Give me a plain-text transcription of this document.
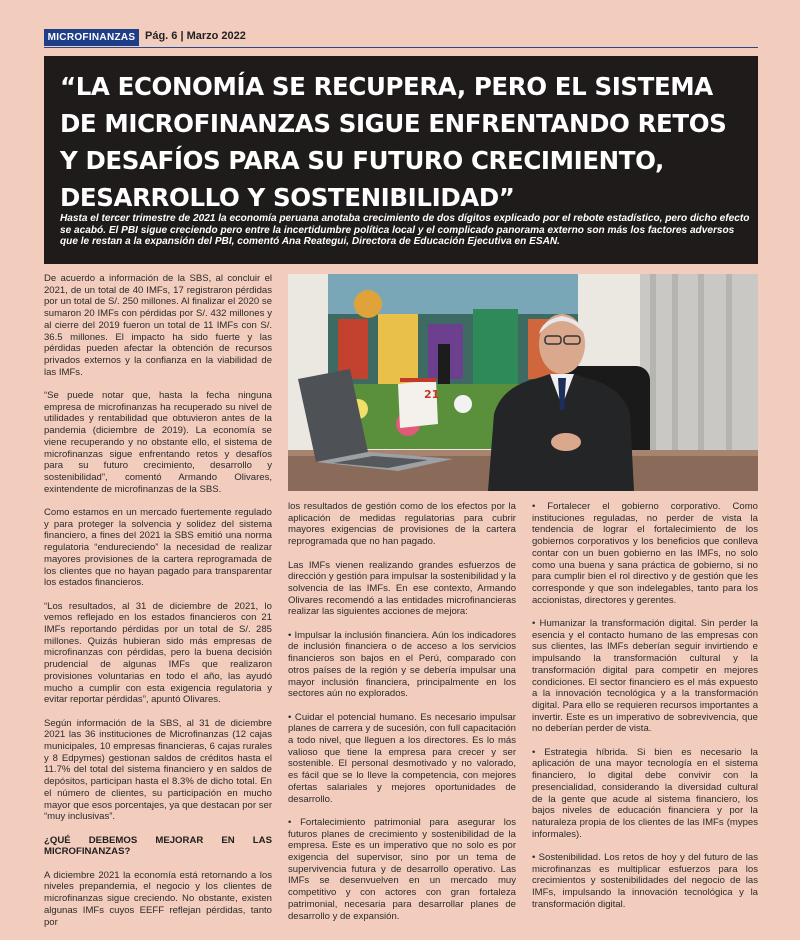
MICROFINANZAS Pág. 6 | Marzo 2022
“LA ECONOMÍA SE RECUPERA, PERO EL SISTEMA DE MICROFINANZAS SIGUE ENFRENTANDO RETOS Y DESAFÍOS PARA SU FUTURO CRECIMIENTO, DESARROLLO Y SOSTENIBILIDAD”

Hasta el tercer trimestre de 2021 la economía peruana anotaba crecimiento de dos dígitos explicado por el rebote estadístico, pero dicho efecto se acabó. El PBI sigue creciendo pero entre la incertidumbre política local y el complicado panorama externo son más los factores adversos que le restan a la expansión del PBI, comentó Ana Reategui, Directora de Educación Ejecutiva en ESAN.

21

De acuerdo a información de la SBS, al concluir el 2021, de un total de 40 IMFs, 17 registraron pérdidas por un total de S/. 250 millones. Al finalizar el 2020 se sumaron 20 IMFs con pérdidas por S/. 432 millones y al cierre del 2019 fueron un total de 11 IMFs con S/. 36.5 millones. El impacto ha sido fuerte y las pérdidas pueden afectar la obtención de recursos privados externos y la confianza en la viabilidad de las IMFs.

“Se puede notar que, hasta la fecha ninguna empresa de microfinanzas ha recuperado su nivel de utilidades y rentabilidad que obtuvieron antes de la pandemia (diciembre de 2019). La economía se viene recuperando y no obstante ello, el sistema de microfinanzas sigue enfrentando retos y desafíos para su futuro crecimiento, desarrollo y sostenibilidad”, comentó Armando Olivares, exintendente de microfinanzas de la SBS.

Como estamos en un mercado fuertemente regulado y para proteger la solvencia y solidez del sistema financiero, a fines del 2021 la SBS emitió una norma regulatoria “endureciendo” la necesidad de realizar mayores provisiones de la cartera reprogramada de los clientes que no hayan pagado para transparentar los estados financieros.

“Los resultados, al 31 de diciembre de 2021, lo vemos reflejado en los estados financieros con 21 IMFs reportando pérdidas por un total de S/. 285 millones. Quizás hubieran sido más empresas de microfinanzas con pérdidas, pero la buena decisión prudencial de algunas IMFs que realizaron provisiones voluntarias en todo el año, las ayudó mucho a cumplir con esta exigencia regulatoria y evitar reportar pérdidas”, apuntó Olivares.

Según información de la SBS, al 31 de diciembre 2021 las 36 instituciones de Microfinanzas (12 cajas municipales, 10 empresas financieras, 6 cajas rurales y 8 Edpymes) gestionan saldos de créditos hasta el 11.7% del total del sistema financiero y en saldos de depósitos, participan hasta el 8.3% de dicho total. En el número de clientes, su participación en mucho mayor que esos porcentajes, ya que destacan por ser “muy inclusivas”.

¿QUÉ DEBEMOS MEJORAR EN LAS MICROFINANZAS?

A diciembre 2021 la economía está retornando a los niveles prepandemia, el negocio y los clientes de microfinanzas sigue creciendo. No obstante, existen algunas IMFs cuyos EEFF reflejan pérdidas, tanto por

los resultados de gestión como de los efectos por la aplicación de medidas regulatorias para cubrir mayores exigencias de provisiones de la cartera reprogramada que no han pagado.

Las IMFs vienen realizando grandes esfuerzos de dirección y gestión para impulsar la sostenibilidad y la solvencia de las IMFs. En ese contexto, Armando Olivares recomendó a las entidades microfinancieras realizar las siguientes acciones de mejora:

• Impulsar la inclusión financiera. Aún los indicadores de inclusión financiera o de acceso a los servicios financieros son bajos en el Perú, comparado con otros países de la región y se debería impulsar una mayor inclusión financiera, principalmente en los sectores aún no explorados.

• Cuidar el potencial humano. Es necesario impulsar planes de carrera y de sucesión, con full capacitación a todo nivel, que lleguen a los directores. Es lo más valioso que tiene la empresa para crecer y ser sostenible. El personal desmotivado y no valorado, es fácil que se lo lleve la competencia, con mejores ofertas salariales y mejores oportunidades de desarrollo.

• Fortalecimiento patrimonial para asegurar los futuros planes de crecimiento y sostenibilidad de la empresa. Este es un imperativo que no solo es por exigencia del supervisor, sino por un tema de supervivencia futura y de desarrollo operativo. Las IMFs se desenvuelven en un mercado muy competitivo y con actores con gran fortaleza patrimonial, necesaria para desarrollar planes de desarrollo y de expansión.

• Fortalecer el gobierno corporativo. Como instituciones reguladas, no perder de vista la tendencia de lograr el fortalecimiento de los gobiernos corporativos y los beneficios que conlleva contar con un buen gobierno en las IMFs, no solo como una buena y sana práctica de gobierno, si no para cumplir bien el rol directivo y de gestión que les corresponde y que son indelegables, tanto para los accionistas, directores y gerentes.

• Humanizar la transformación digital. Sin perder la esencia y el contacto humano de las empresas con sus clientes, las IMFs deberían seguir invirtiendo e impulsando la transformación cultural y la transformación digital para competir en mejores condiciones. El sector financiero es el más expuesto a la innovación tecnológica y a la transformación digital. Para ello se requieren recursos importantes a invertir. Este es un imperativo de sobrevivencia, que no deberían perder de vista.

• Estrategia híbrida. Si bien es necesario la aplicación de una mayor tecnología en el sistema financiero, lo digital debe convivir con la presencialidad, considerando la diversidad cultural de la gente que acude al sistema financiero, los bajos niveles de educación financiera y por la naturaleza propia de los clientes de las IMFs (mypes informales).

• Sostenibilidad. Los retos de hoy y del futuro de las microfinanzas es multiplicar esfuerzos para los crecimientos y sostenibilidades del negocio de las IMFs, impulsando la innovación tecnológica y la transformación digital.
